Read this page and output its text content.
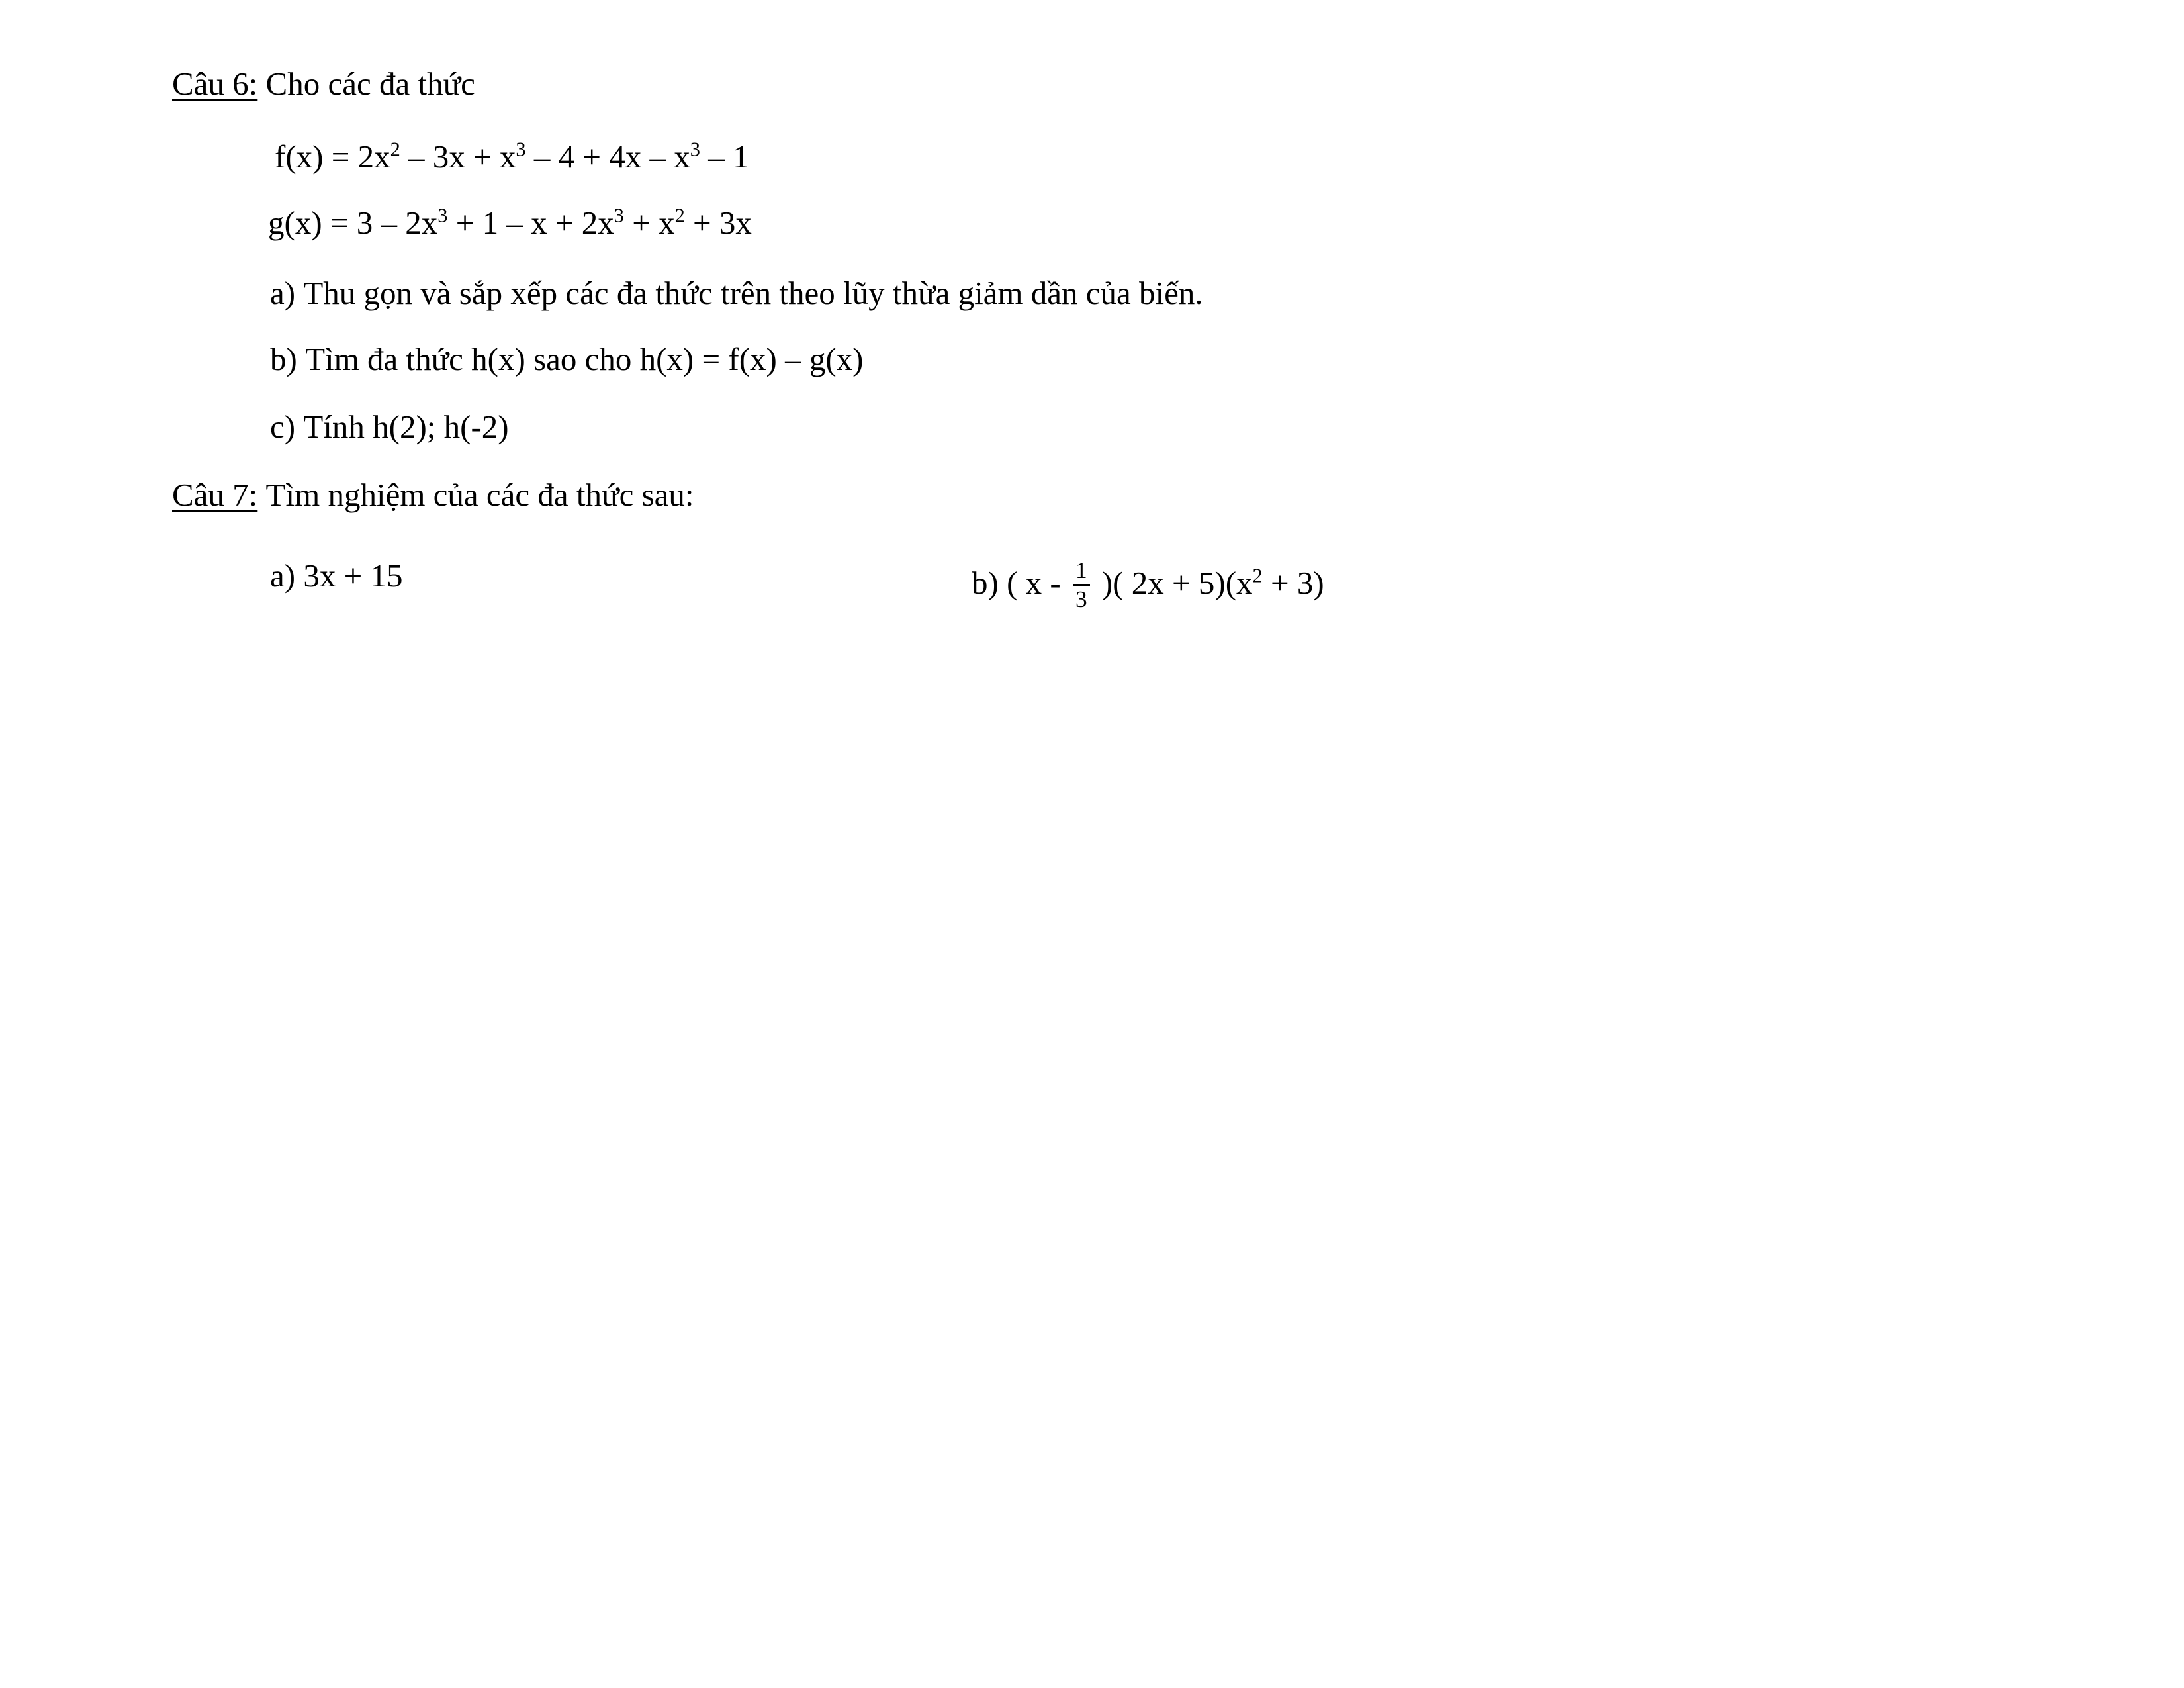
Câu 6: Cho các đa thức
$f(x) = 2x^2 - 3x + x^3 - 4 + 4x - x^3 - 1$
$g(x) = 3 - 2x^3 + 1 - x + 2x^3 + x^2 + 3x$
a) Thu gọn và sắp xếp các đa thức trên theo lũy thừa giảm dần của biến.
b) Tìm đa thức h(x) sao cho h(x) = f(x) – g(x)
c) Tính h(2); h(-2)
Câu 7: Tìm nghiệm của các đa thức sau:
a) 3x + 15	b) ( x - $\frac{1}{3}$ )( $2x + 5)(x^2 + 3)$
